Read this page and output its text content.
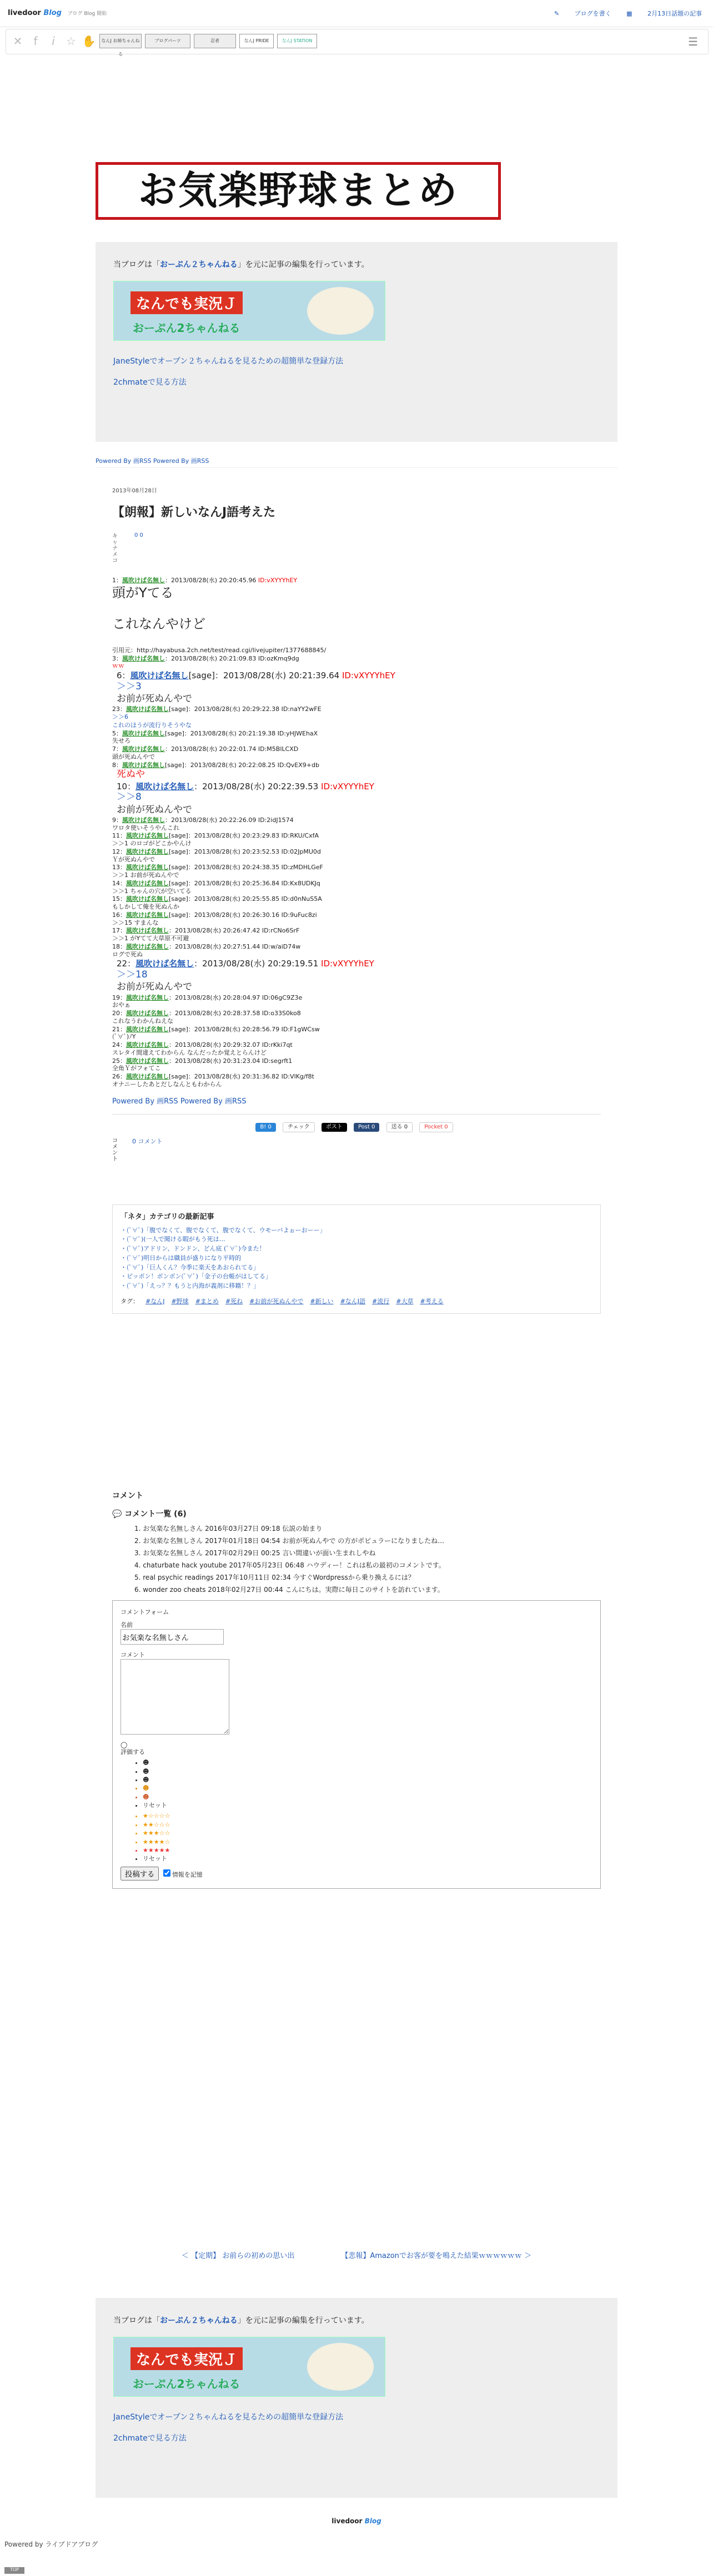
livedoor Blog ブログ Blog 開始	✎ ブログを書く	▦ 2月13日話題の記事
✕	f	i	☆ ✋	なんJ お姉ちゃんねる
ブログパーツ	忍者	なんJ PRIDE	なんJ STATION	☰
お気楽野球まとめ

当ブログは「おーぷん２ちゃんねる」を元に記事の編集を行っています。

なんでも実況Ｊ
おーぷん2ちゃんねる
JaneStyleでオープン２ちゃんねるを見るための超簡単な登録方法
2chmateで見る方法
Powered By 画RSS Powered By 画RSS
2013年08月28日
【朗報】新しいなんJ語考えた
0 0
キャナメコ
1：風吹けば名無し：2013/08/28(水) 20:20:45.96 ID:vXYYYhEY
頭がYてる
これなんやけど
引用元：http://hayabusa.2ch.net/test/read.cgi/livejupiter/1377688845/
3：風吹けば名無し：2013/08/28(水) 20:21:09.83 ID:ozKmq9dg
ｗｗ
6：風吹けば名無し[sage]：2013/08/28(水) 20:21:39.64 ID:vXYYYhEY
＞＞3
お前が死ぬんやで
23：風吹けば名無し[sage]：2013/08/28(水) 20:29:22.38 ID:naYY2wFE
＞＞6
これのほうが流行りそうやな
5：風吹けば名無し[sage]：2013/08/28(水) 20:21:19.38 ID:yHJWEhaX
失せろ
7：風吹けば名無し：2013/08/28(水) 20:22:01.74 ID:M5BlLCXD
頭が死ぬんやで
8：風吹けば名無し[sage]：2013/08/28(水) 20:22:08.25 ID:QvEX9+db
死ぬや
10：風吹けば名無し：2013/08/28(水) 20:22:39.53 ID:vXYYYhEY
＞＞8
お前が死ぬんやで
9：風吹けば名無し：2013/08/28(水) 20:22:26.09 ID:2idJ1574
ワロタ使いそうやんこれ
11：風吹けば名無し[sage]：2013/08/28(水) 20:23:29.83 ID:RKU/CxfA
＞＞1 のロゴがどこかやんけ
12：風吹けば名無し[sage]：2013/08/28(水) 20:23:52.53 ID:02JpMU0d
Ｙが死ぬんやで
13：風吹けば名無し[sage]：2013/08/28(水) 20:24:38.35 ID:zMDHLGeF
＞＞1 お前が死ぬんやで
14：風吹けば名無し[sage]：2013/08/28(水) 20:25:36.84 ID:Kx8UDKJq
＞＞1 ちゃんの穴が空いてる
15：風吹けば名無し[sage]：2013/08/28(水) 20:25:55.85 ID:d0nNuS5A
もしかして俺を死ぬんか
16：風吹けば名無し[sage]：2013/08/28(水) 20:26:30.16 ID:9uFuc8zi
＞＞15 すまんな
17：風吹けば名無し：2013/08/28(水) 20:26:47.42 ID:rCNo6SrF
＞＞1 がYてて大草原不可避
18：風吹けば名無し：2013/08/28(水) 20:27:51.44 ID:w/aiD74w
ログで死ぬ
22：風吹けば名無し：2013/08/28(水) 20:29:19.51 ID:vXYYYhEY
＞＞18
お前が死ぬんやで
19：風吹けば名無し：2013/08/28(水) 20:28:04.97 ID:06gC9Z3e
おやぁ
20：風吹けば名無し：2013/08/28(水) 20:28:37.58 ID:o33S0ko8
これなうわかんねえな
21：風吹けば名無し[sage]：2013/08/28(水) 20:28:56.79 ID:F1gWCsw
(ﾟ∀ﾟ)ﾉY
24：風吹けば名無し：2013/08/28(水) 20:29:32.07 ID:rKki7qt
スレタイ間違えてわからん なんだったか覚えとらんけど
25：風吹けば名無し：2013/08/28(水) 20:31:23.04 ID:segrft1
全角Ｙがフォてこ
26：風吹けば名無し[sage]：2013/08/28(水) 20:31:36.82 ID:VlKg/f8t
オナニーしたあとだしなんともわからん
Powered By 画RSS Powered By 画RSS
B! 0	チェック	ポスト	Post 0	送る 0	Pocket 0
コメント
0 コメント
「ネタ」カテゴリの最新記事
・(ﾟ∀ﾟ)「腹でなくて、腹でなくて、腹でなくて、ウモーバよぉーおーー」
・(ﾟ∀ﾟ)(一人で聞ける暇がもう死は…
・(ﾟ∀ﾟ)アドリン、ドンドン、どん底 (ﾟ∀ﾟ)今また！
・(ﾟ∀ﾟ)明日からは職員が盛りになり平時的
・(ﾟ∀ﾟ)「巨人くん？今季に楽天をあおられてる」
・ピッポン！ボンボン(ﾟ∀ﾟ)「金子の台帳がはしてる」
・(ﾟ∀ﾟ)「えっ？？もうと内海が義剤に移籍！？」
タグ： #なんJ #野球 #まとめ #死ね #お前が死ぬんやで #新しい #なんJ語 #流行 #大草 #考える
コメント
💬 コメント一覧 (6)
1. お気楽な名無しさん 2016年03月27日 09:18 伝説の始まり
2. お気楽な名無しさん 2017年01月18日 04:54 お前が死ぬんやで の方がポピュラーになりましたね…
3. お気楽な名無しさん 2017年02月29日 00:25 言い間違いが面い生まれしやね
4. chaturbate hack youtube 2017年05月23日 06:48 ハウディー！これは私の最初のコメントです。
5. real psychic readings 2017年10月11日 02:34 今すぐWordpressから乗り換えるには？
6. wonder zoo cheats 2018年02月27日 00:44 こんにちは。実際に毎日このサイトを訪れています。
コメントフォーム
名前
お気楽な名無しさん
コメント
◯
評価する
• ☻
• ☻
• ☻
• ☻
• ☻
• リセット
• ★☆☆☆☆
• ★★☆☆☆
• ★★★☆☆
• ★★★★☆
• ★★★★★
• リセット
投稿する	情報を記憶
＜ 【定期】 お前らの初めの思い出	【悲報】Amazonでお客が要を鳴えた結果ｗｗｗｗｗｗ ＞

当ブログは「おーぷん２ちゃんねる」を元に記事の編集を行っています。

なんでも実況Ｊ
おーぷん2ちゃんねる
JaneStyleでオープン２ちゃんねるを見るための超簡単な登録方法
2chmateで見る方法
livedoor Blog
Powered by ライブドアブログ
TOP
